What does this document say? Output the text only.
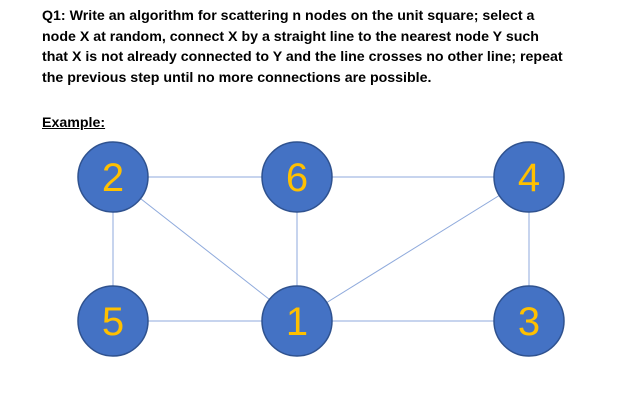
Q1: Write an algorithm for scattering n nodes on the unit square; select a
node X at random, connect X by a straight line to the nearest node Y such
that X is not already connected to Y and the line crosses no other line; repeat
the previous step until no more connections are possible.
Example:
2	6	4
5	1	3
